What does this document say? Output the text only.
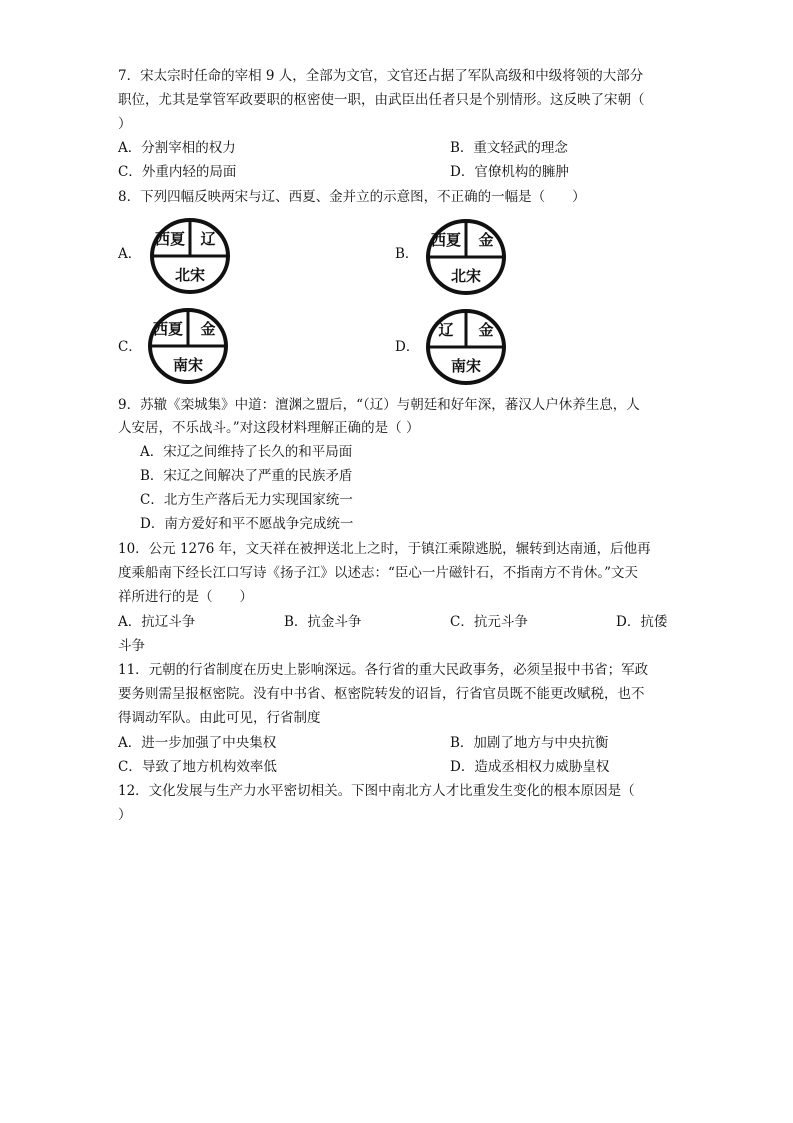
7．宋太宗时任命的宰相 9 人，全部为文官，文官还占据了军队高级和中级将领的大部分
职位，尤其是掌管军政要职的枢密使一职，由武臣出任者只是个别情形。这反映了宋朝（
）
A．分割宰相的权力	B．重文轻武的理念
C．外重内轻的局面	D．官僚机构的臃肿
8．下列四幅反映两宋与辽、西夏、金并立的示意图，不正确的一幅是（　　）
A．
西夏 辽
北宋
B．
西夏 金
北宋
C．
西夏 金
南宋
D．
辽 金
南宋
9．苏辙《栾城集》中道：澶渊之盟后，“（辽）与朝廷和好年深，蕃汉人户休养生息，人
人安居，不乐战斗。”对这段材料理解正确的是（ ）
A．宋辽之间维持了长久的和平局面
B．宋辽之间解决了严重的民族矛盾
C．北方生产落后无力实现国家统一
D．南方爱好和平不愿战争完成统一
10．公元 1276 年，文天祥在被押送北上之时，于镇江乘隙逃脱，辗转到达南通，后他再
度乘船南下经长江口写诗《扬子江》以述志：“臣心一片磁针石，不指南方不肯休。”文天
祥所进行的是（　　）
A．抗辽斗争	B．抗金斗争	C．抗元斗争	D．抗倭
斗争
11．元朝的行省制度在历史上影响深远。各行省的重大民政事务，必须呈报中书省；军政
要务则需呈报枢密院。没有中书省、枢密院转发的诏旨，行省官员既不能更改赋税，也不
得调动军队。由此可见，行省制度
A．进一步加强了中央集权	B．加剧了地方与中央抗衡
C．导致了地方机构效率低	D．造成丞相权力威胁皇权
12．文化发展与生产力水平密切相关。下图中南北方人才比重发生变化的根本原因是（
）
